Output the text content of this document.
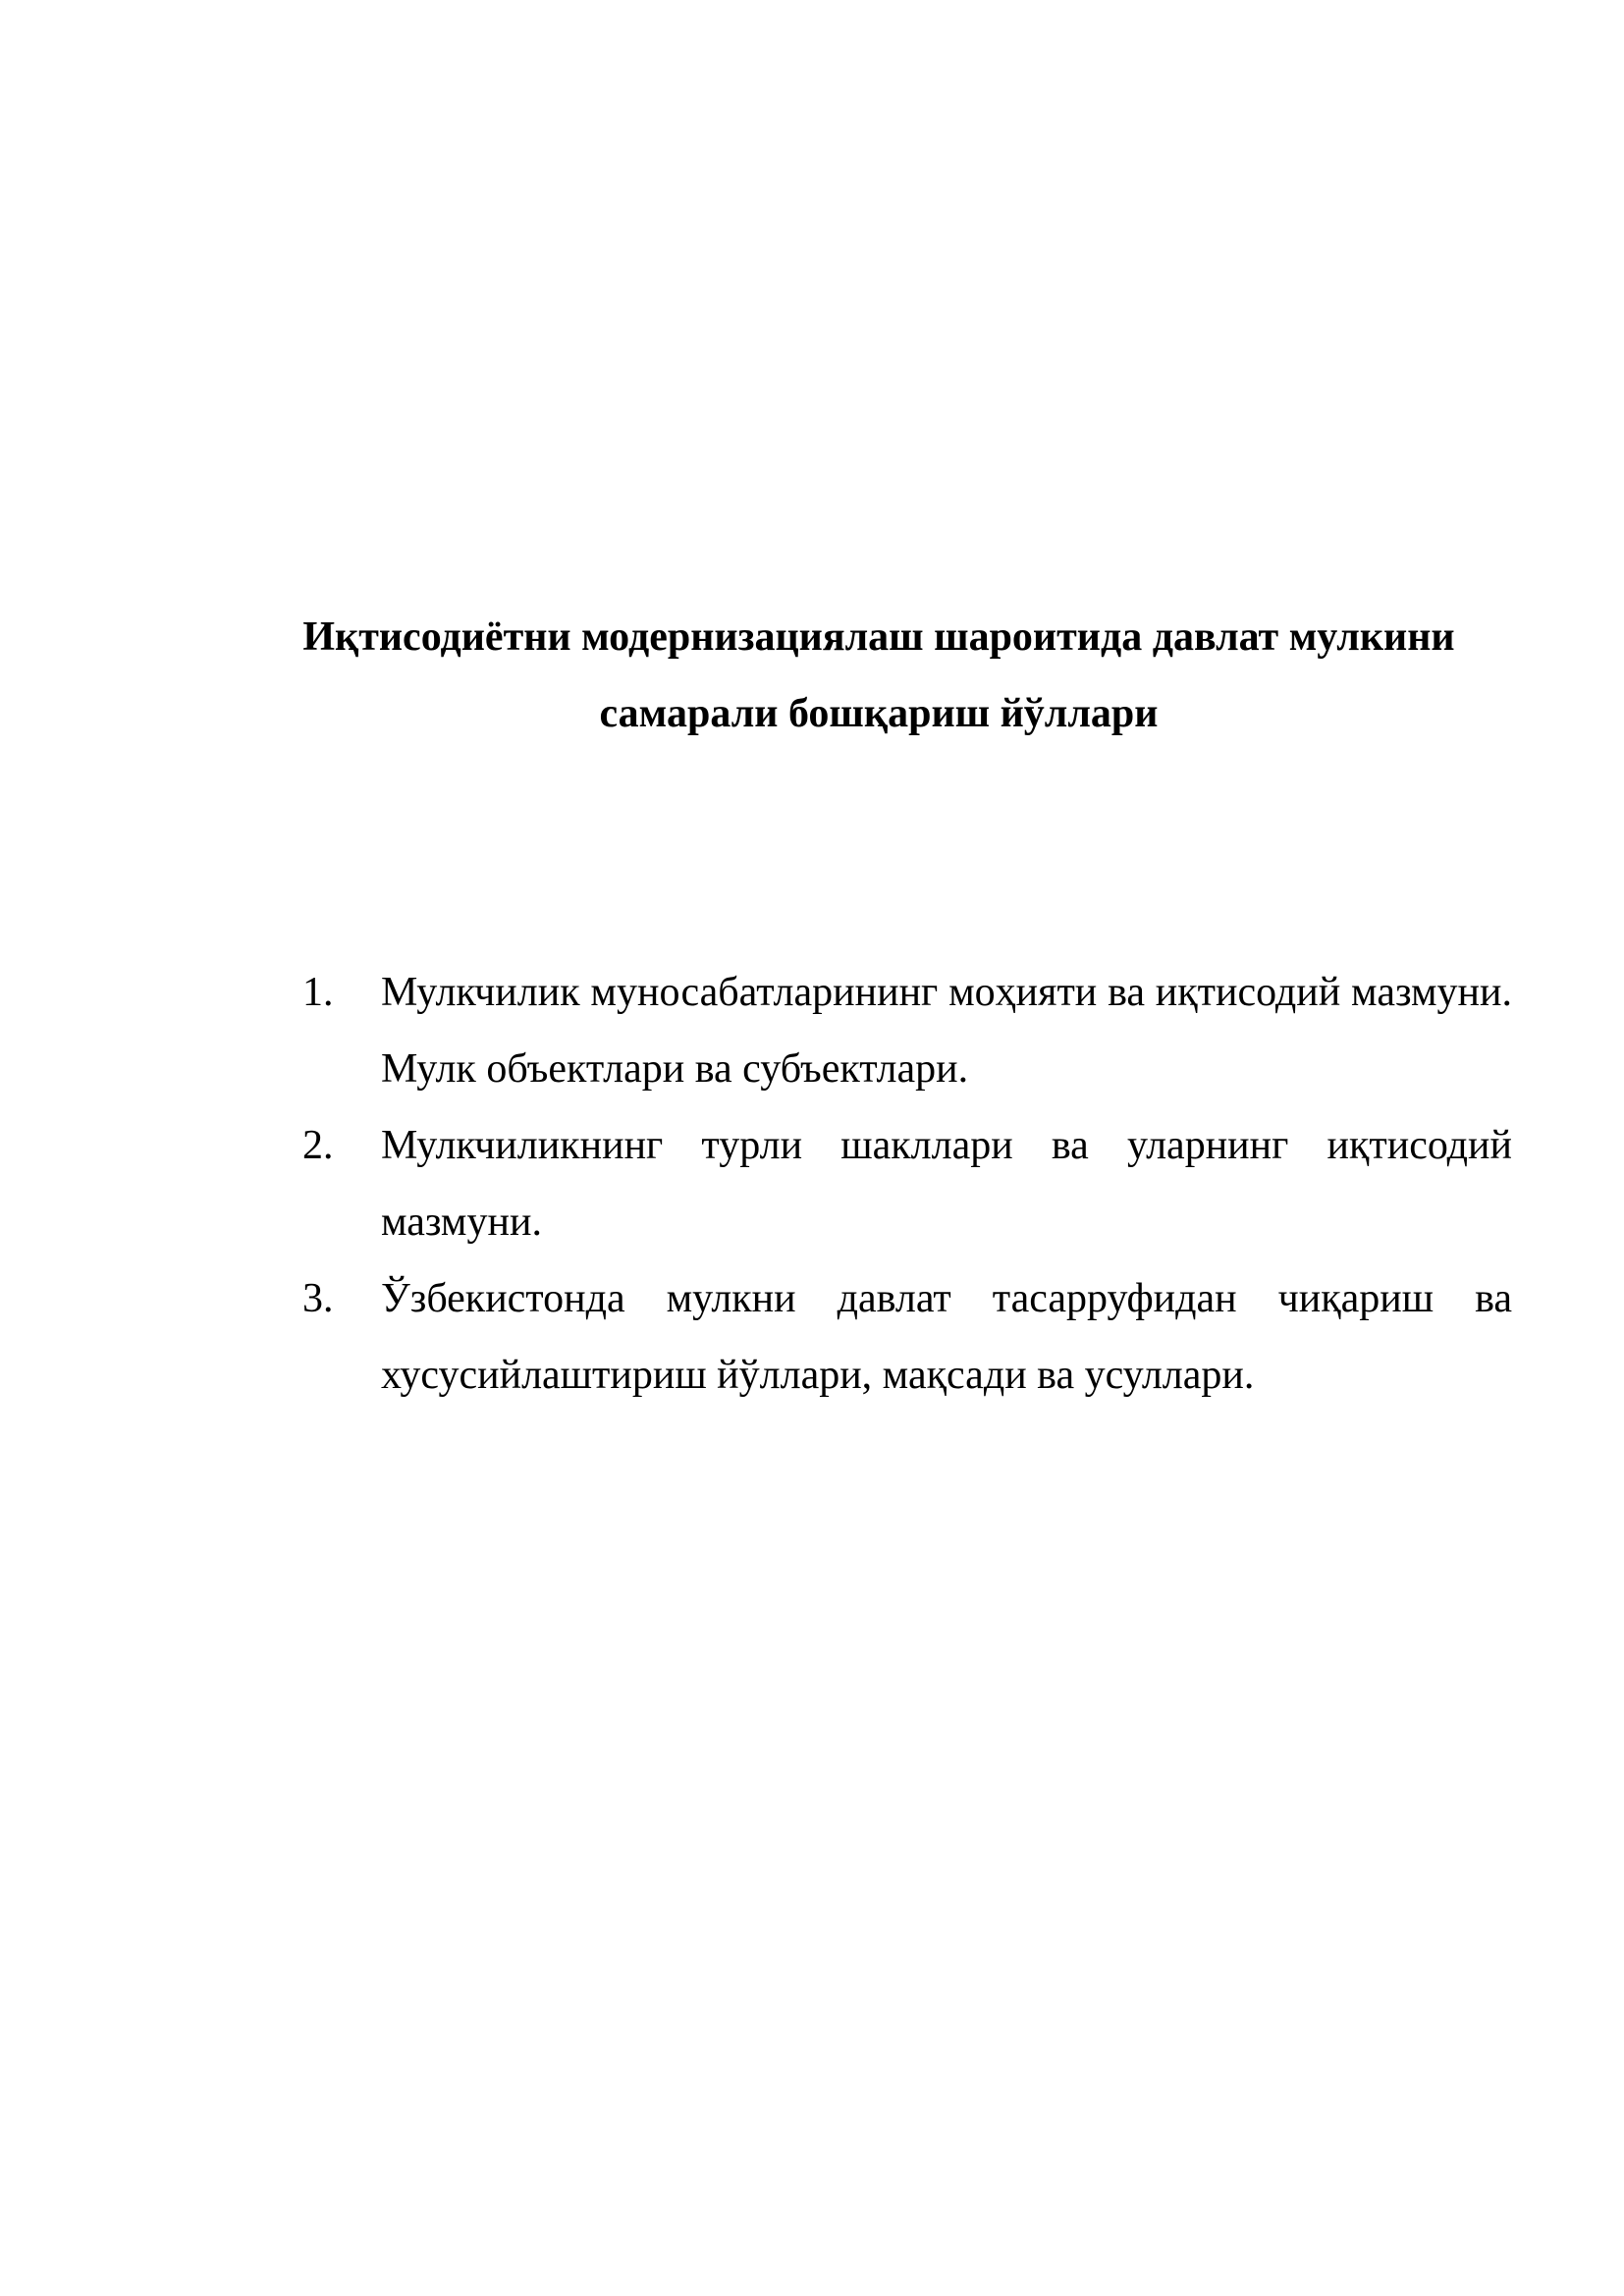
Иқтисодиётни модернизациялаш шароитида давлат мулкини
самарали бошқариш йўллари
1. Мулкчилик муносабатларининг моҳияти ва иқтисодий мазмуни. Мулк объектлари ва субъектлари.
2. Мулкчиликнинг турли шакллари ва уларнинг иқтисодий мазмуни.
3. Ўзбекистонда мулкни давлат тасарруфидан чиқариш ва хусусийлаштириш йўллари, мақсади ва усуллари.
